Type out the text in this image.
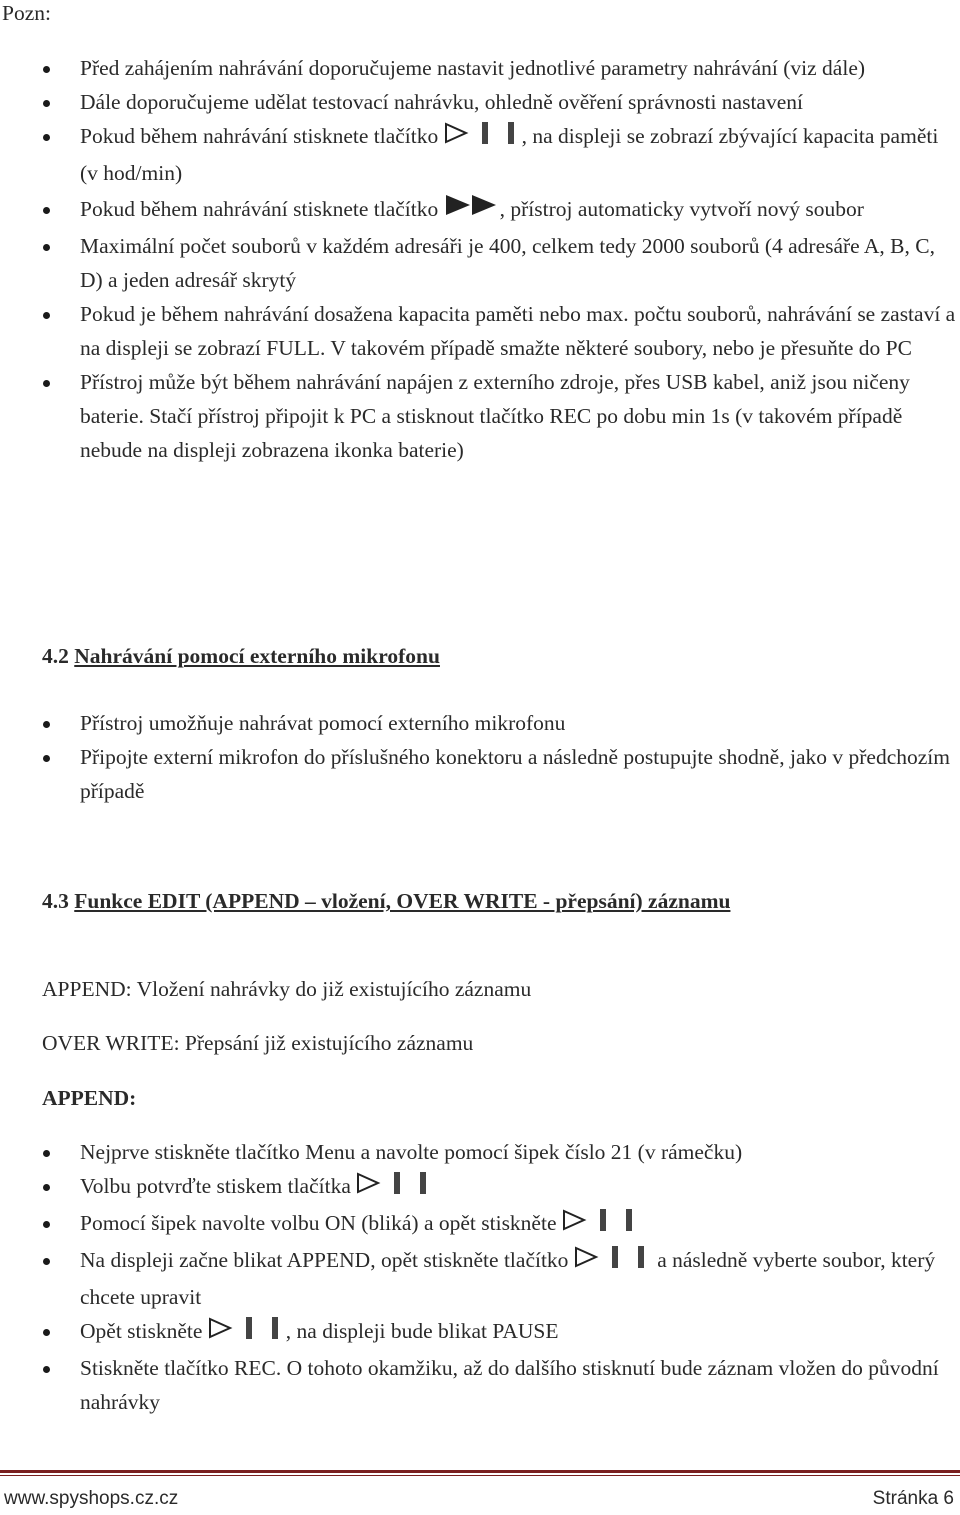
Pozn:
Před zahájením nahrávání doporučujeme nastavit jednotlivé parametry nahrávání (viz dále)
Dále doporučujeme udělat testovací nahrávku, ohledně ověření správnosti nastavení
Pokud během nahrávání stisknete tlačítko	, na displeji se zobrazí zbývající kapacita paměti (v hod/min)
Pokud během nahrávání stisknete tlačítko	, přístroj automaticky vytvoří nový soubor
Maximální počet souborů v každém adresáři je 400, celkem tedy 2000 souborů (4 adresáře A, B, C, D) a jeden adresář skrytý
Pokud je během nahrávání dosažena kapacita paměti nebo max. počtu souborů, nahrávání se zastaví a na displeji se zobrazí FULL. V takovém případě smažte některé soubory, nebo je přesuňte do PC
Přístroj může být během nahrávání napájen z externího zdroje, přes USB kabel, aniž jsou ničeny baterie. Stačí přístroj připojit k PC a stisknout tlačítko REC po dobu min 1s (v takovém případě nebude na displeji zobrazena ikonka baterie)
4.2 Nahrávání pomocí externího mikrofonu
Přístroj umožňuje nahrávat pomocí externího mikrofonu
Připojte externí mikrofon do příslušného konektoru a následně postupujte shodně, jako v předchozím případě
4.3 Funkce EDIT (APPEND – vložení, OVER WRITE - přepsání) záznamu
APPEND: Vložení nahrávky do již existujícího záznamu
OVER WRITE: Přepsání již existujícího záznamu
APPEND:
Nejprve stiskněte tlačítko Menu a navolte pomocí šipek číslo 21 (v rámečku)
Volbu potvrďte stiskem tlačítka
Pomocí šipek navolte volbu ON (bliká) a opět stiskněte
Na displeji začne blikat APPEND, opět stiskněte tlačítko	a následně vyberte soubor, který chcete upravit
Opět stiskněte	, na displeji bude blikat PAUSE
Stiskněte tlačítko REC. O tohoto okamžiku, až do dalšího stisknutí bude záznam vložen do původní nahrávky
www.spyshops.cz.cz	Stránka 6
